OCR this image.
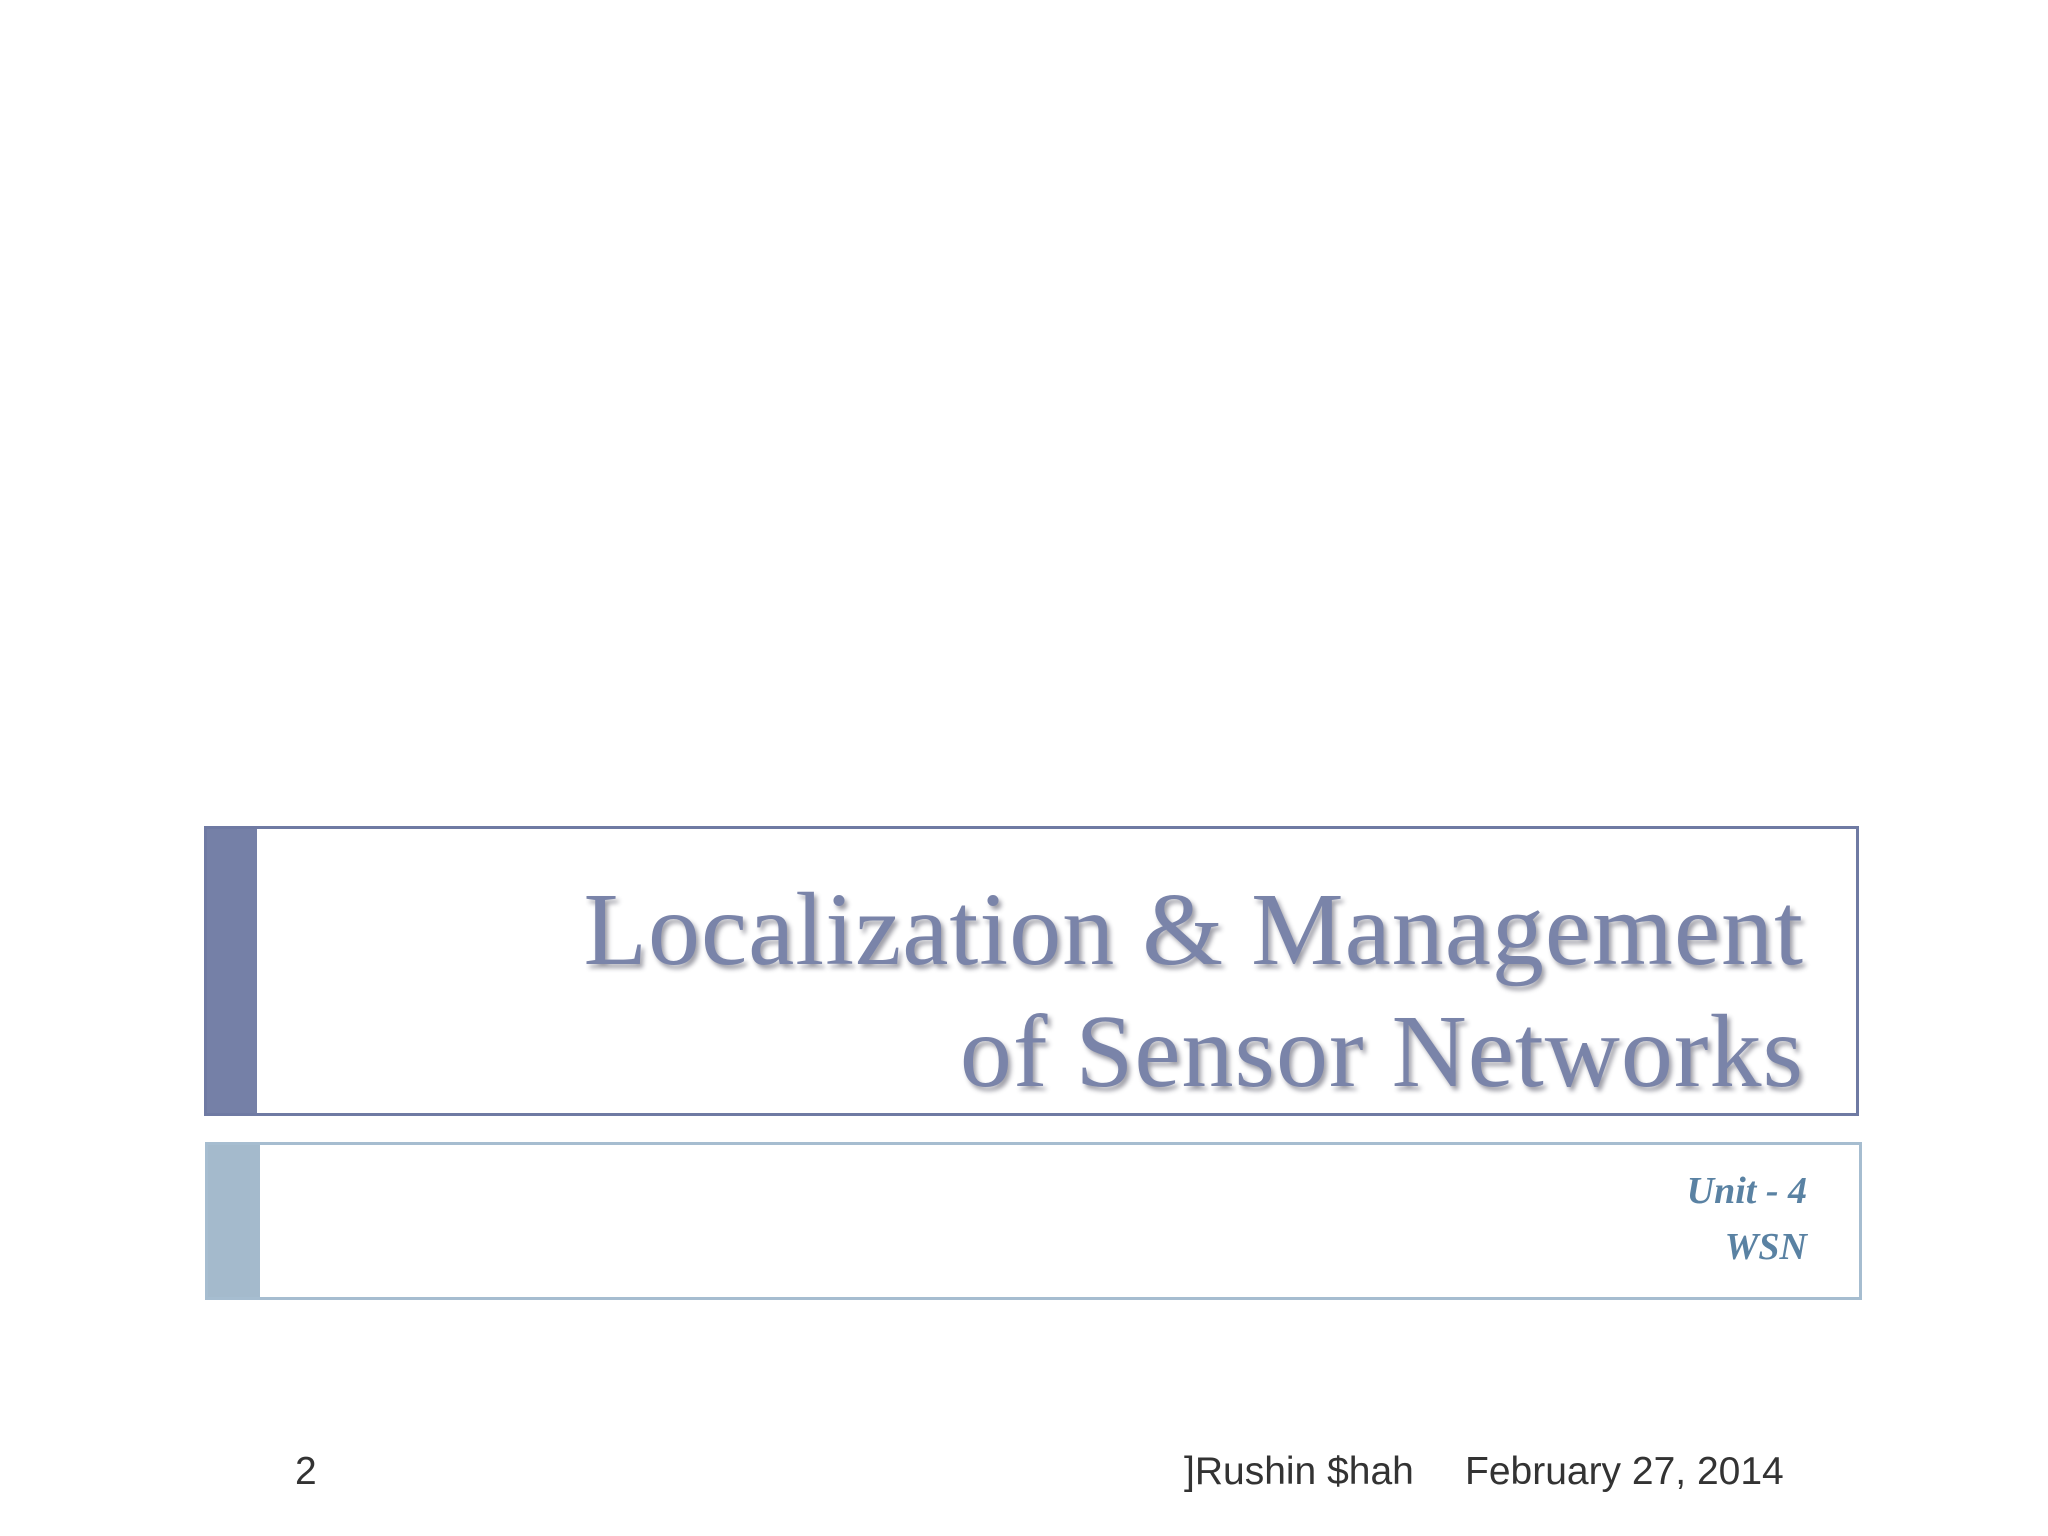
Localization & Management
of Sensor Networks
Unit - 4
WSN
2	]Rushin $hah February 27, 2014
